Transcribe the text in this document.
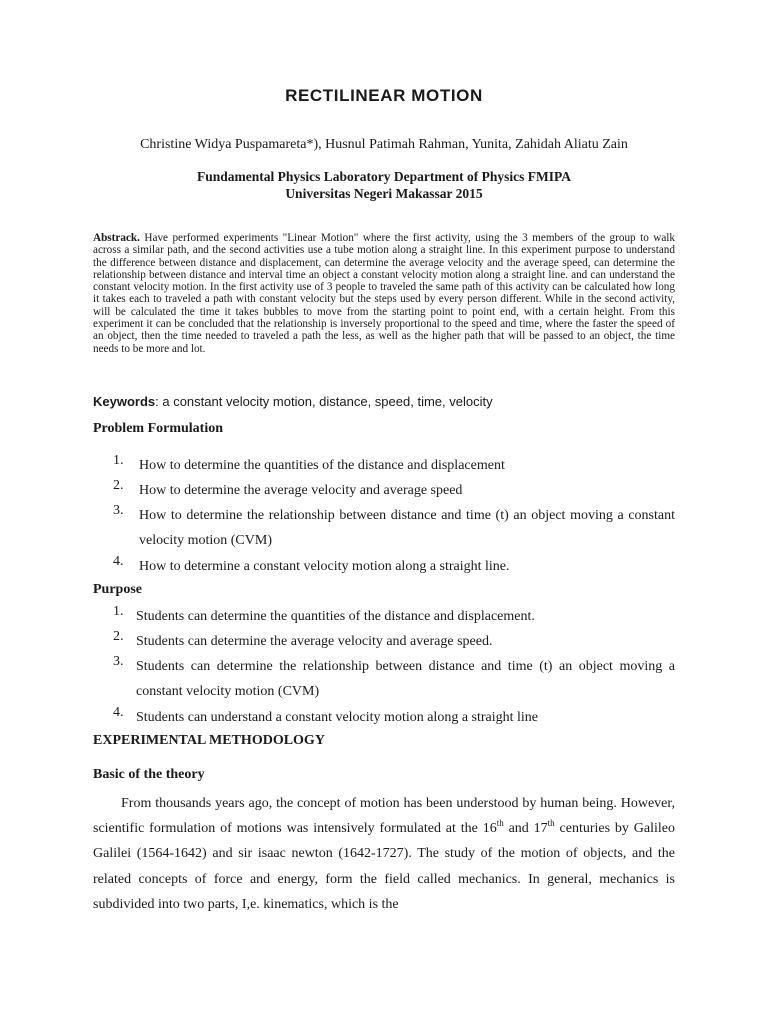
RECTILINEAR MOTION
Christine Widya Puspamareta*), Husnul Patimah Rahman, Yunita, Zahidah Aliatu Zain
Fundamental Physics Laboratory Department of Physics FMIPA
Universitas Negeri Makassar 2015
Abstrack. Have performed experiments "Linear Motion" where the first activity, using the 3 members of the group to walk across a similar path, and the second activities use a tube motion along a straight line. In this experiment purpose to understand the difference between distance and displacement, can determine the average velocity and the average speed, can determine the relationship between distance and interval time an object a constant velocity motion along a straight line. and can understand the constant velocity motion. In the first activity use of 3 people to traveled the same path of this activity can be calculated how long it takes each to traveled a path with constant velocity but the steps used by every person different. While in the second activity, will be calculated the time it takes bubbles to move from the starting point to point end, with a certain height. From this experiment it can be concluded that the relationship is inversely proportional to the speed and time, where the faster the speed of an object, then the time needed to traveled a path the less, as well as the higher path that will be passed to an object, the time needs to be more and lot.
Keywords: a constant velocity motion, distance, speed, time, velocity
Problem Formulation
1. How to determine the quantities of the distance and displacement
2. How to determine the average velocity and average speed
3. How to determine the relationship between distance and time (t) an object moving a constant velocity motion (CVM)
4. How to determine a constant velocity motion along a straight line.
Purpose
1. Students can determine the quantities of the distance and displacement.
2. Students can determine the average velocity and average speed.
3. Students can determine the relationship between distance and time (t) an object moving a constant velocity motion (CVM)
4. Students can understand a constant velocity motion along a straight line
EXPERIMENTAL METHODOLOGY
Basic of the theory
From thousands years ago, the concept of motion has been understood by human being. However, scientific formulation of motions was intensively formulated at the 16th and 17th centuries by Galileo Galilei (1564-1642) and sir isaac newton (1642-1727). The study of the motion of objects, and the related concepts of force and energy, form the field called mechanics. In general, mechanics is subdivided into two parts, I,e. kinematics, which is the
